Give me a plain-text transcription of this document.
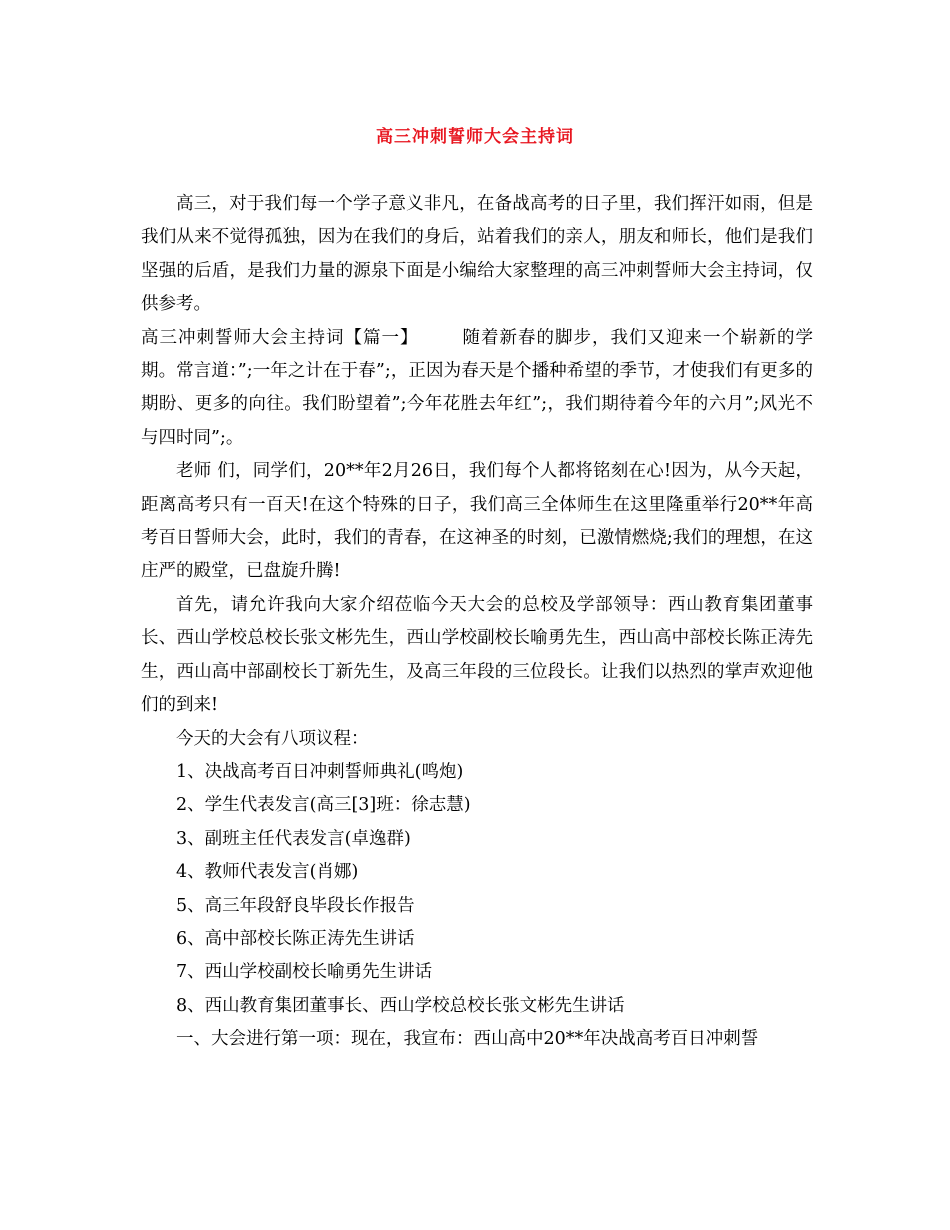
高三冲刺誓师大会主持词

高三，对于我们每一个学子意义非凡，在备战高考的日子里，我们挥汗如雨，但是我们从来不觉得孤独，因为在我们的身后，站着我们的亲人，朋友和师长，他们是我们坚强的后盾，是我们力量的源泉下面是小编给大家整理的高三冲刺誓师大会主持词，仅供参考。

高三冲刺誓师大会主持词【篇一】	随着新春的脚步，我们又迎来一个崭新的学期。常言道：”;一年之计在于春”;，正因为春天是个播种希望的季节，才使我们有更多的期盼、更多的向往。我们盼望着”;今年花胜去年红”;，我们期待着今年的六月”;风光不与四时同”;。

老师 们，同学们，20**年2月26日，我们每个人都将铭刻在心!因为，从今天起，距离高考只有一百天!在这个特殊的日子，我们高三全体师生在这里隆重举行20**年高考百日誓师大会，此时，我们的青春，在这神圣的时刻，已激情燃烧;我们的理想，在这庄严的殿堂，已盘旋升腾!

首先，请允许我向大家介绍莅临今天大会的总校及学部领导：西山教育集团董事长、西山学校总校长张文彬先生，西山学校副校长喻勇先生，西山高中部校长陈正涛先生，西山高中部副校长丁新先生，及高三年段的三位段长。让我们以热烈的掌声欢迎他们的到来!

今天的大会有八项议程：

1、决战高考百日冲刺誓师典礼(鸣炮)

2、学生代表发言(高三[3]班：徐志慧)

3、副班主任代表发言(卓逸群)

4、教师代表发言(肖娜)

5、高三年段舒良毕段长作报告

6、高中部校长陈正涛先生讲话

7、西山学校副校长喻勇先生讲话

8、西山教育集团董事长、西山学校总校长张文彬先生讲话

一、大会进行第一项：现在，我宣布：西山高中20**年决战高考百日冲刺誓
